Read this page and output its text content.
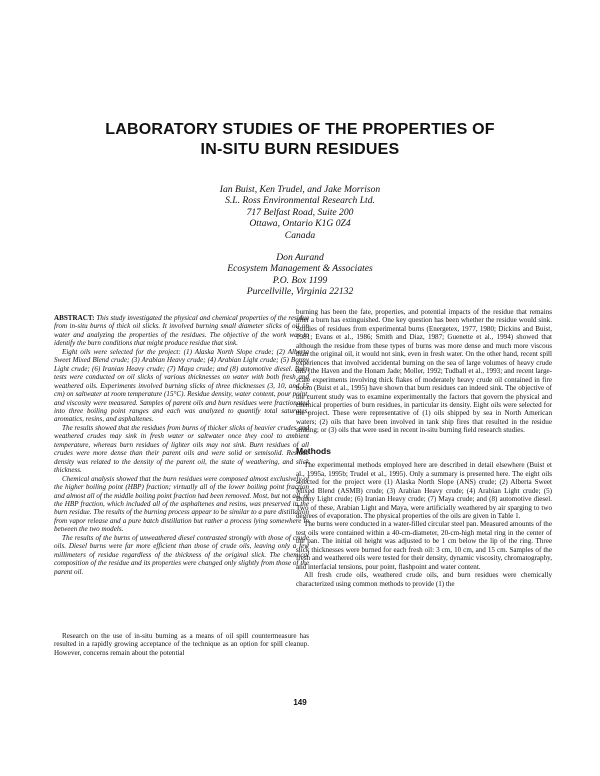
LABORATORY STUDIES OF THE PROPERTIES OF
IN-SITU BURN RESIDUES
Ian Buist, Ken Trudel, and Jake Morrison
S.L. Ross Environmental Research Ltd.
717 Belfast Road, Suite 200
Ottawa, Ontario K1G 0Z4
Canada
Don Aurand
Ecosystem Management & Associates
P.O. Box 1199
Purcellville, Virginia 22132

ABSTRACT: This study investigated the physical and chemical properties of the residue from in-situ burns of thick oil slicks. It involved burning small diameter slicks of oil on water and analyzing the properties of the residues. The objective of the work was to identify the burn conditions that might produce residue that sink.

Eight oils were selected for the project: (1) Alaska North Slope crude; (2) Alberta Sweet Mixed Blend crude; (3) Arabian Heavy crude; (4) Arabian Light crude; (5) Bonny Light crude; (6) Iranian Heavy crude; (7) Maya crude; and (8) automotive diesel. Burn tests were conducted on oil slicks of various thicknesses on water with both fresh and weathered oils. Experiments involved burning slicks of three thicknesses (3, 10, and 15 cm) on saltwater at room temperature (15°C). Residue density, water content, pour point, and viscosity were measured. Samples of parent oils and burn residues were fractionated into three boiling point ranges and each was analyzed to quantify total saturates, aromatics, resins, and asphaltenes.

The results showed that the residues from burns of thicker slicks of heavier crudes and weathered crudes may sink in fresh water or saltwater once they cool to ambient temperature, whereas burn residues of lighter oils may not sink. Burn residues of all crudes were more dense than their parent oils and were solid or semisolid. Residue density was related to the density of the parent oil, the state of weathering, and slick thickness.

Chemical analysis showed that the burn residues were composed almost exclusively of the higher boiling point (HBP) fraction; virtually all of the lower boiling point fraction and almost all of the middle boiling point fraction had been removed. Most, but not all, of the HBP fraction, which included all of the asphaltenes and resins, was preserved in the burn residue. The results of the burning process appear to be similar to a pure distillation from vapor release and a pure batch distillation but rather a process lying somewhere in between the two models.

The results of the burns of unweathered diesel contrasted strongly with those of crude oils. Diesel burns were far more efficient than those of crude oils, leaving only a few millimeters of residue regardless of the thickness of the original slick. The chemical composition of the residue and its properties were changed only slightly from those of the parent oil.

Research on the use of in-situ burning as a means of oil spill countermeasure has resulted in a rapidly growing acceptance of the technique as an option for spill cleanup. However, concerns remain about the potential

burning has been the fate, properties, and potential impacts of the residue that remains after a burn has extinguished. One key question has been whether the residue would sink. Studies of residues from experimental burns (Energetex, 1977, 1980; Dickins and Buist, 1981; Evans et al., 1986; Smith and Diaz, 1987; Guenette et al., 1994) showed that although the residue from these types of burns was more dense and much more viscous than the original oil, it would not sink, even in fresh water. On the other hand, recent spill experiences that involved accidental burning on the sea of large volumes of heavy crude oils (the Haven and the Honam Jade; Moller, 1992; Tudball et al., 1993; and recent large-scale experiments involving thick flakes of moderately heavy crude oil contained in fire boom (Buist et al., 1995) have shown that burn residues can indeed sink. The objective of the current study was to examine experimentally the factors that govern the physical and chemical properties of burn residues, in particular its density. Eight oils were selected for the project. These were representative of (1) oils shipped by sea in North American waters; (2) oils that have been involved in tank ship fires that resulted in the residue sinking; or (3) oils that were used in recent in-situ burning field research studies.

Methods

The experimental methods employed here are described in detail elsewhere (Buist et al., 1995a, 1995b; Trudel et al., 1995). Only a summary is presented here. The eight oils selected for the project were (1) Alaska North Slope (ANS) crude; (2) Alberta Sweet Mixed Blend (ASMB) crude; (3) Arabian Heavy crude; (4) Arabian Light crude; (5) Bonny Light crude; (6) Iranian Heavy crude; (7) Maya crude; and (8) automotive diesel. Two of these, Arabian Light and Maya, were artificially weathered by air sparging to two degrees of evaporation. The physical properties of the oils are given in Table 1.

The burns were conducted in a water-filled circular steel pan. Measured amounts of the test oils were contained within a 40-cm-diameter, 20-cm-high metal ring in the center of the pan. The initial oil height was adjusted to be 1 cm below the lip of the ring. Three slick thicknesses were burned for each fresh oil: 3 cm, 10 cm, and 15 cm. Samples of the fresh and weathered oils were tested for their density, dynamic viscosity, chromatography, and interfacial tensions, pour point, flashpoint and water content.

All fresh crude oils, weathered crude oils, and burn residues were chemically characterized using common methods to provide (1) the

149
